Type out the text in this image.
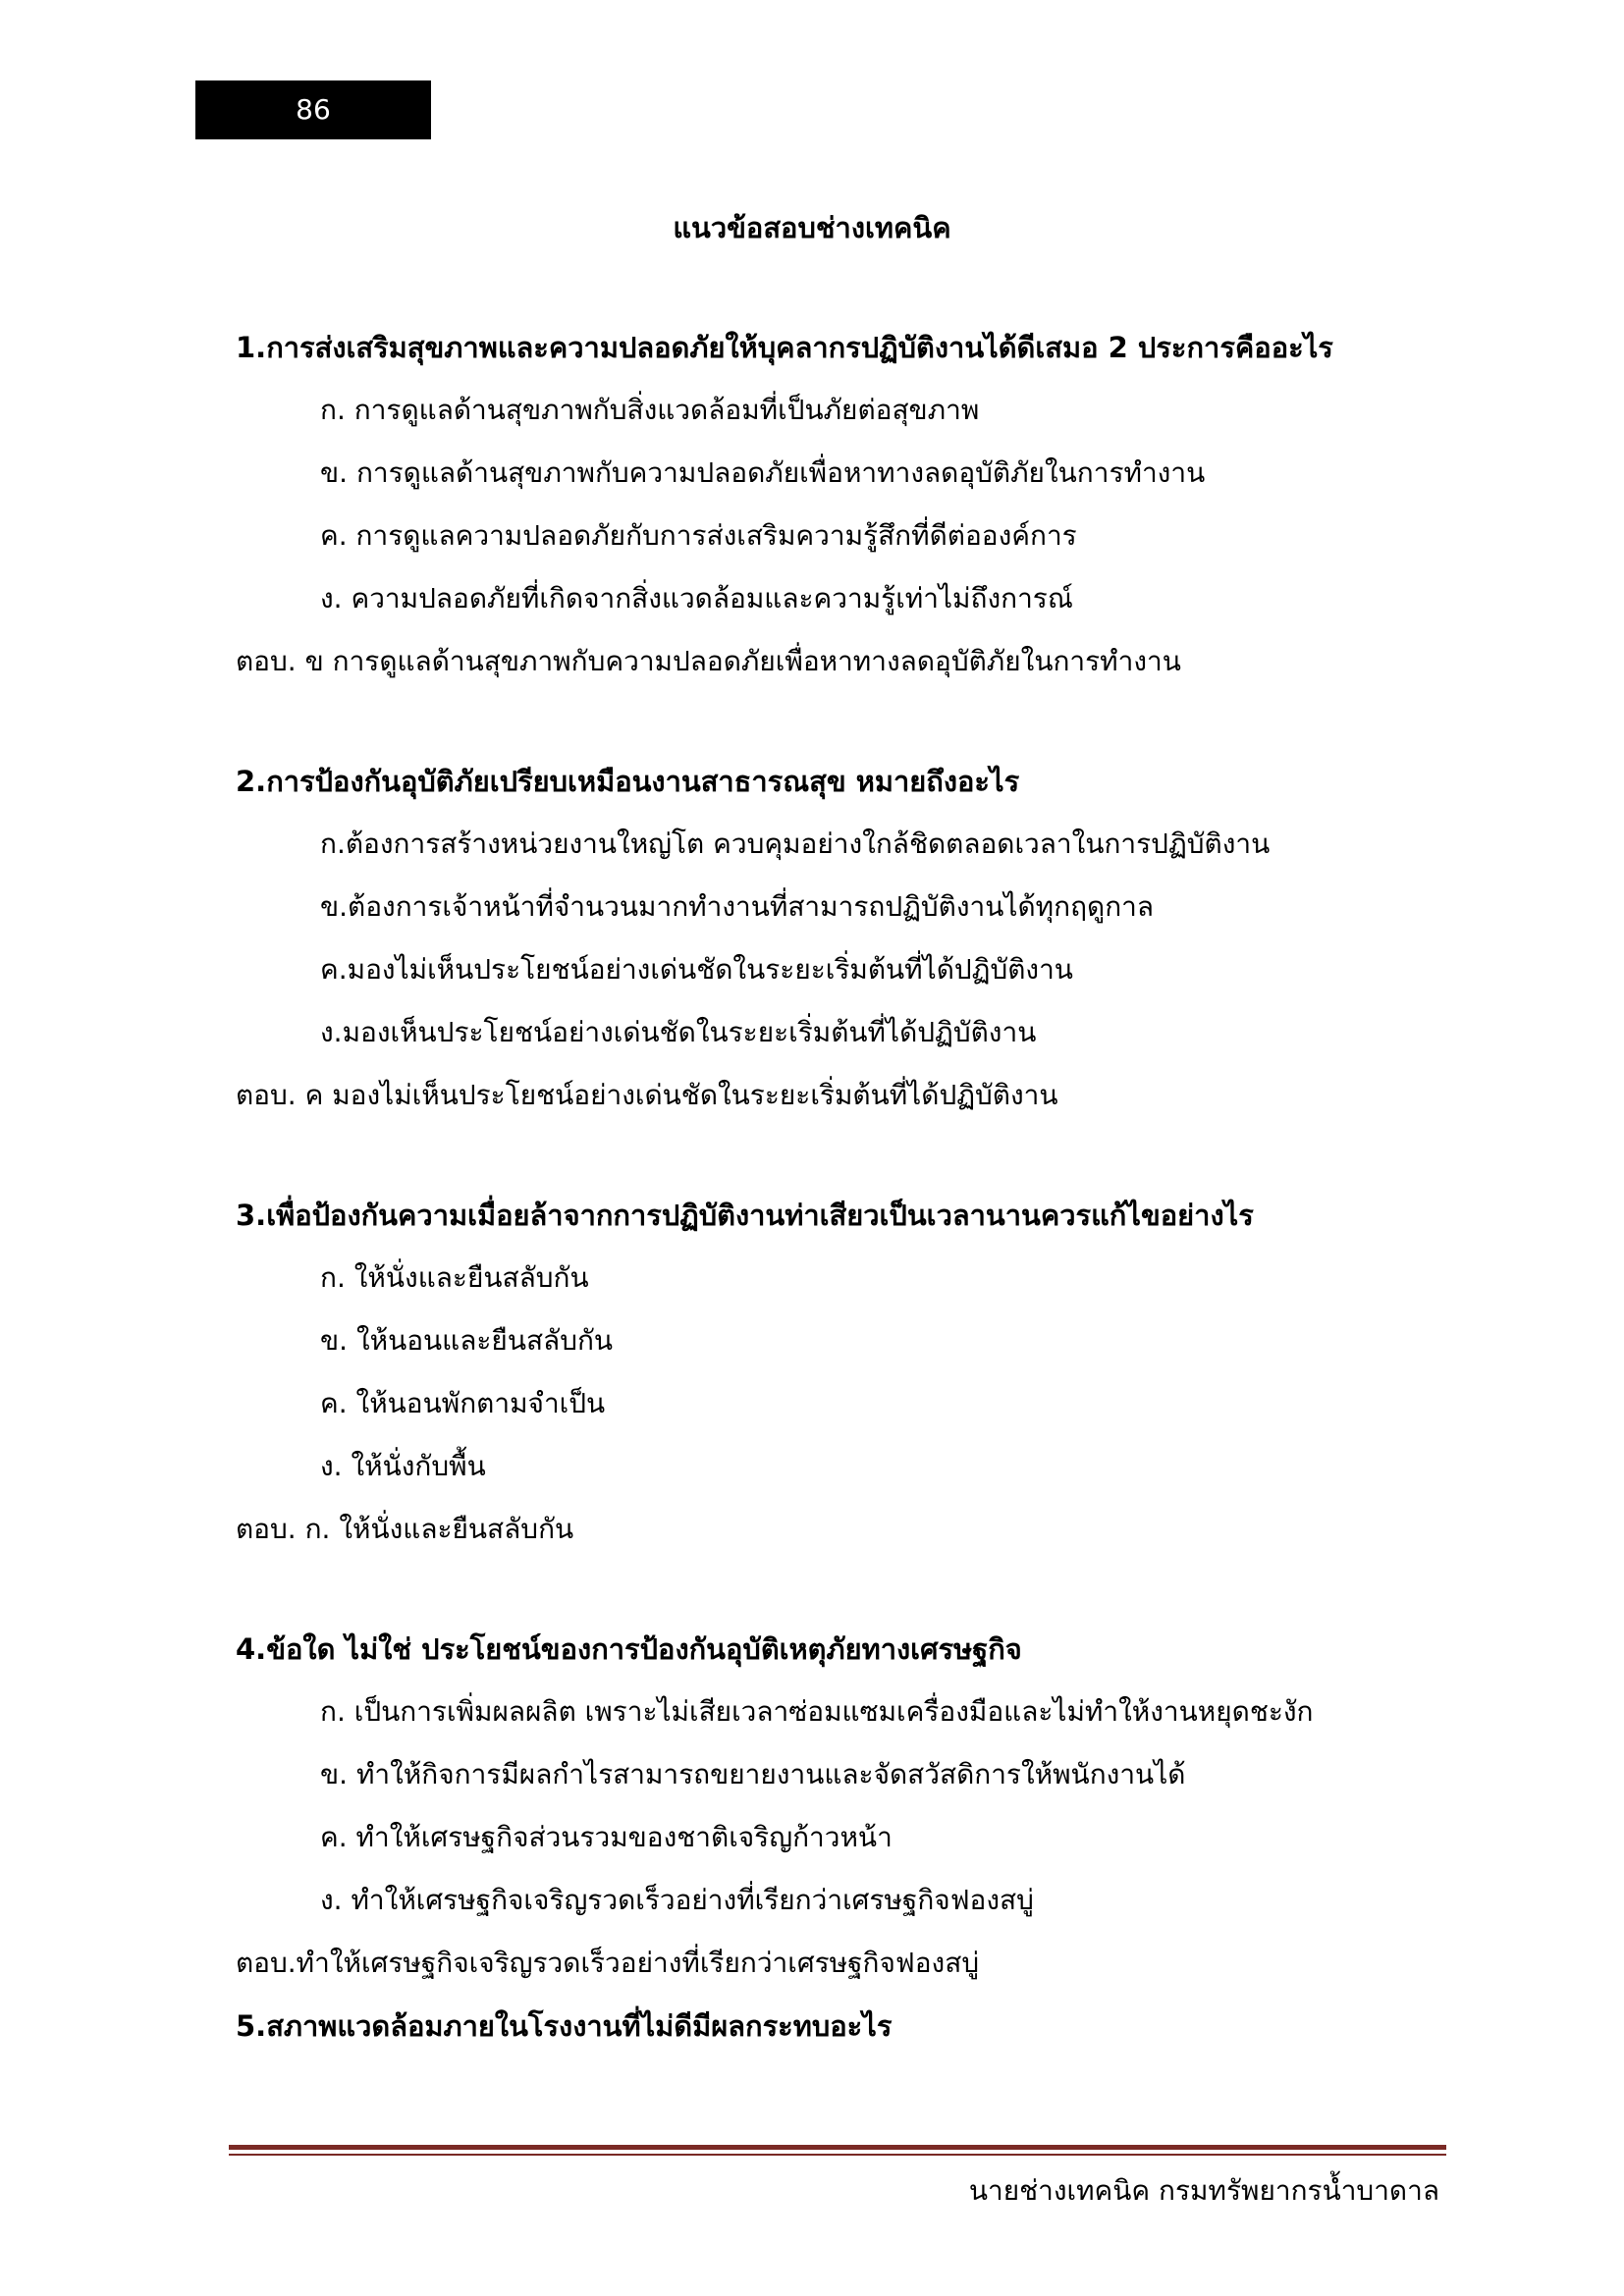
86
แนวข้อสอบช่างเทคนิค
1.การส่งเสริมสุขภาพและความปลอดภัยให้บุคลากรปฏิบัติงานได้ดีเสมอ 2 ประการคืออะไร
ก. การดูแลด้านสุขภาพกับสิ่งแวดล้อมที่เป็นภัยต่อสุขภาพ
ข. การดูแลด้านสุขภาพกับความปลอดภัยเพื่อหาทางลดอุบัติภัยในการทำงาน
ค. การดูแลความปลอดภัยกับการส่งเสริมความรู้สึกที่ดีต่อองค์การ
ง. ความปลอดภัยที่เกิดจากสิ่งแวดล้อมและความรู้เท่าไม่ถึงการณ์
ตอบ. ข การดูแลด้านสุขภาพกับความปลอดภัยเพื่อหาทางลดอุบัติภัยในการทำงาน
2.การป้องกันอุบัติภัยเปรียบเหมือนงานสาธารณสุข หมายถึงอะไร
ก.ต้องการสร้างหน่วยงานใหญ่โต ควบคุมอย่างใกล้ชิดตลอดเวลาในการปฏิบัติงาน
ข.ต้องการเจ้าหน้าที่จำนวนมากทำงานที่สามารถปฏิบัติงานได้ทุกฤดูกาล
ค.มองไม่เห็นประโยชน์อย่างเด่นชัดในระยะเริ่มต้นที่ได้ปฏิบัติงาน
ง.มองเห็นประโยชน์อย่างเด่นชัดในระยะเริ่มต้นที่ได้ปฏิบัติงาน
ตอบ. ค มองไม่เห็นประโยชน์อย่างเด่นชัดในระยะเริ่มต้นที่ได้ปฏิบัติงาน
3.เพื่อป้องกันความเมื่อยล้าจากการปฏิบัติงานท่าเสียวเป็นเวลานานควรแก้ไขอย่างไร
ก. ให้นั่งและยืนสลับกัน
ข. ให้นอนและยืนสลับกัน
ค. ให้นอนพักตามจำเป็น
ง. ให้นั่งกับพื้น
ตอบ. ก. ให้นั่งและยืนสลับกัน
4.ข้อใด ไม่ใช่ ประโยชน์ของการป้องกันอุบัติเหตุภัยทางเศรษฐกิจ
ก. เป็นการเพิ่มผลผลิต เพราะไม่เสียเวลาซ่อมแซมเครื่องมือและไม่ทำให้งานหยุดชะงัก
ข. ทำให้กิจการมีผลกำไรสามารถขยายงานและจัดสวัสดิการให้พนักงานได้
ค. ทำให้เศรษฐกิจส่วนรวมของชาติเจริญก้าวหน้า
ง. ทำให้เศรษฐกิจเจริญรวดเร็วอย่างที่เรียกว่าเศรษฐกิจฟองสบู่
ตอบ.ทำให้เศรษฐกิจเจริญรวดเร็วอย่างที่เรียกว่าเศรษฐกิจฟองสบู่
5.สภาพแวดล้อมภายในโรงงานที่ไม่ดีมีผลกระทบอะไร
นายช่างเทคนิค กรมทรัพยากรน้ำบาดาล
